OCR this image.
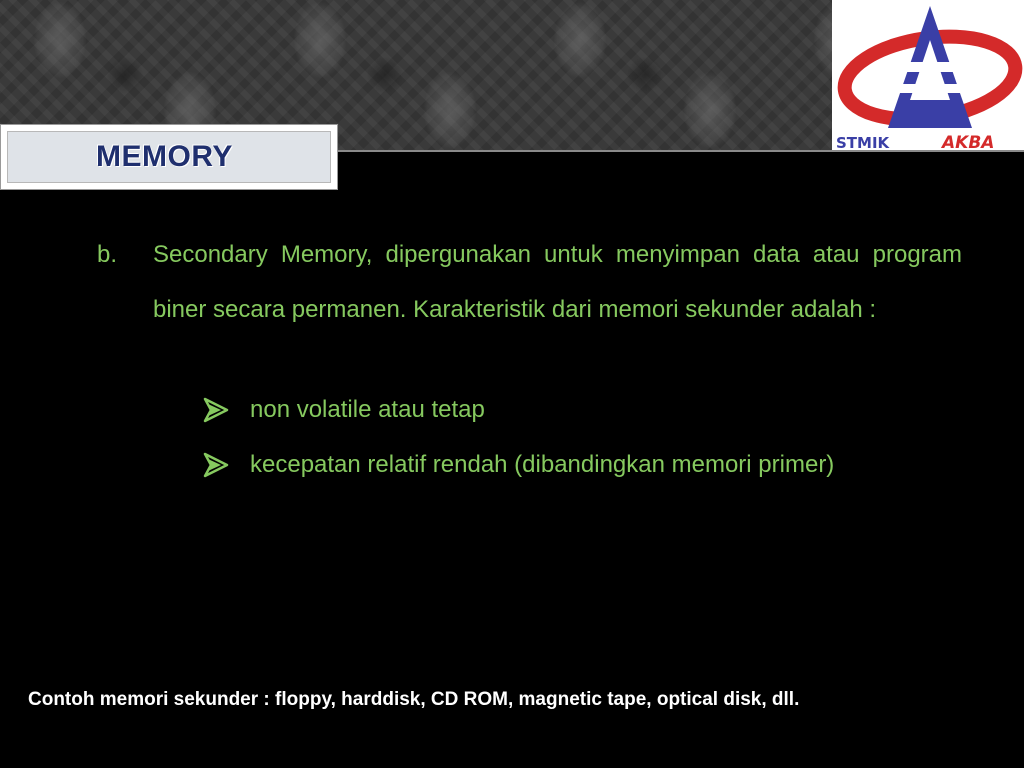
STMIK	AKBA
MEMORY
b. Secondary Memory, dipergunakan untuk menyimpan data atau program biner secara permanen. Karakteristik dari memori sekunder adalah :
non volatile atau tetap
kecepatan relatif rendah (dibandingkan memori primer)
Contoh memori sekunder : floppy, harddisk, CD ROM, magnetic tape, optical disk, dll.
